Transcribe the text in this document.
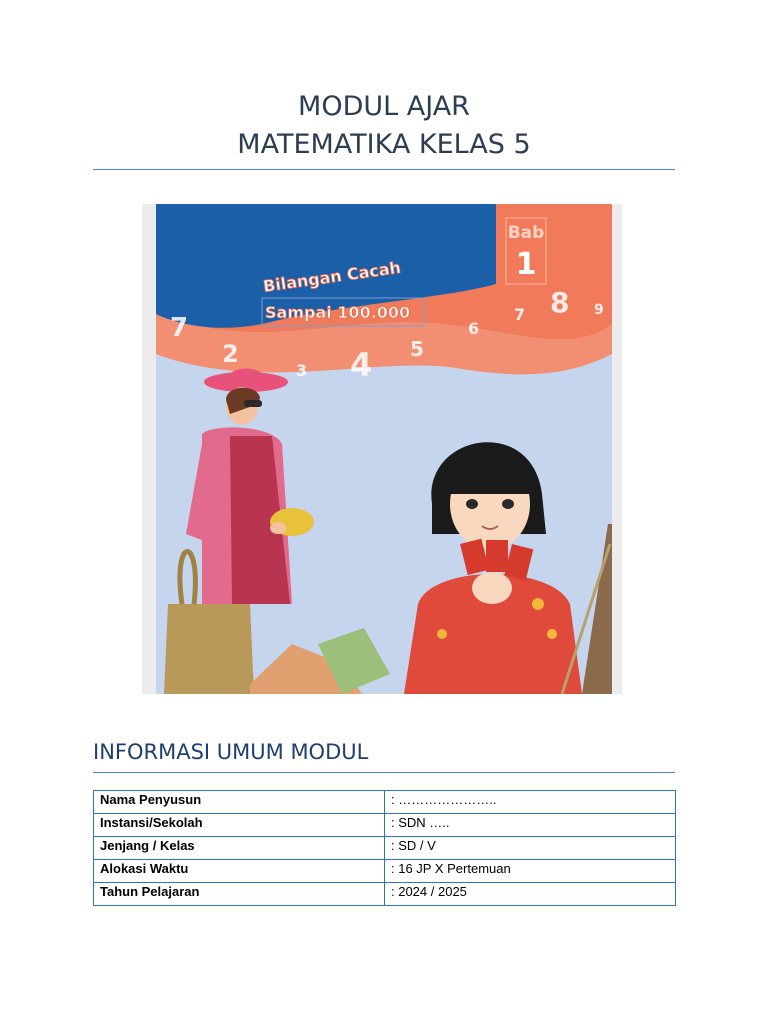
MODUL AJAR
MATEMATIKA KELAS 5
Bab
1
Bilangan Cacah
Sampai 100.000
7
2
3 4 5
6
7 8 9
INFORMASI UMUM MODUL
Nama Penyusun	: …………………..
Instansi/Sekolah	: SDN …..
Jenjang / Kelas	: SD / V
Alokasi Waktu	: 16 JP X Pertemuan
Tahun Pelajaran	: 2024 / 2025
